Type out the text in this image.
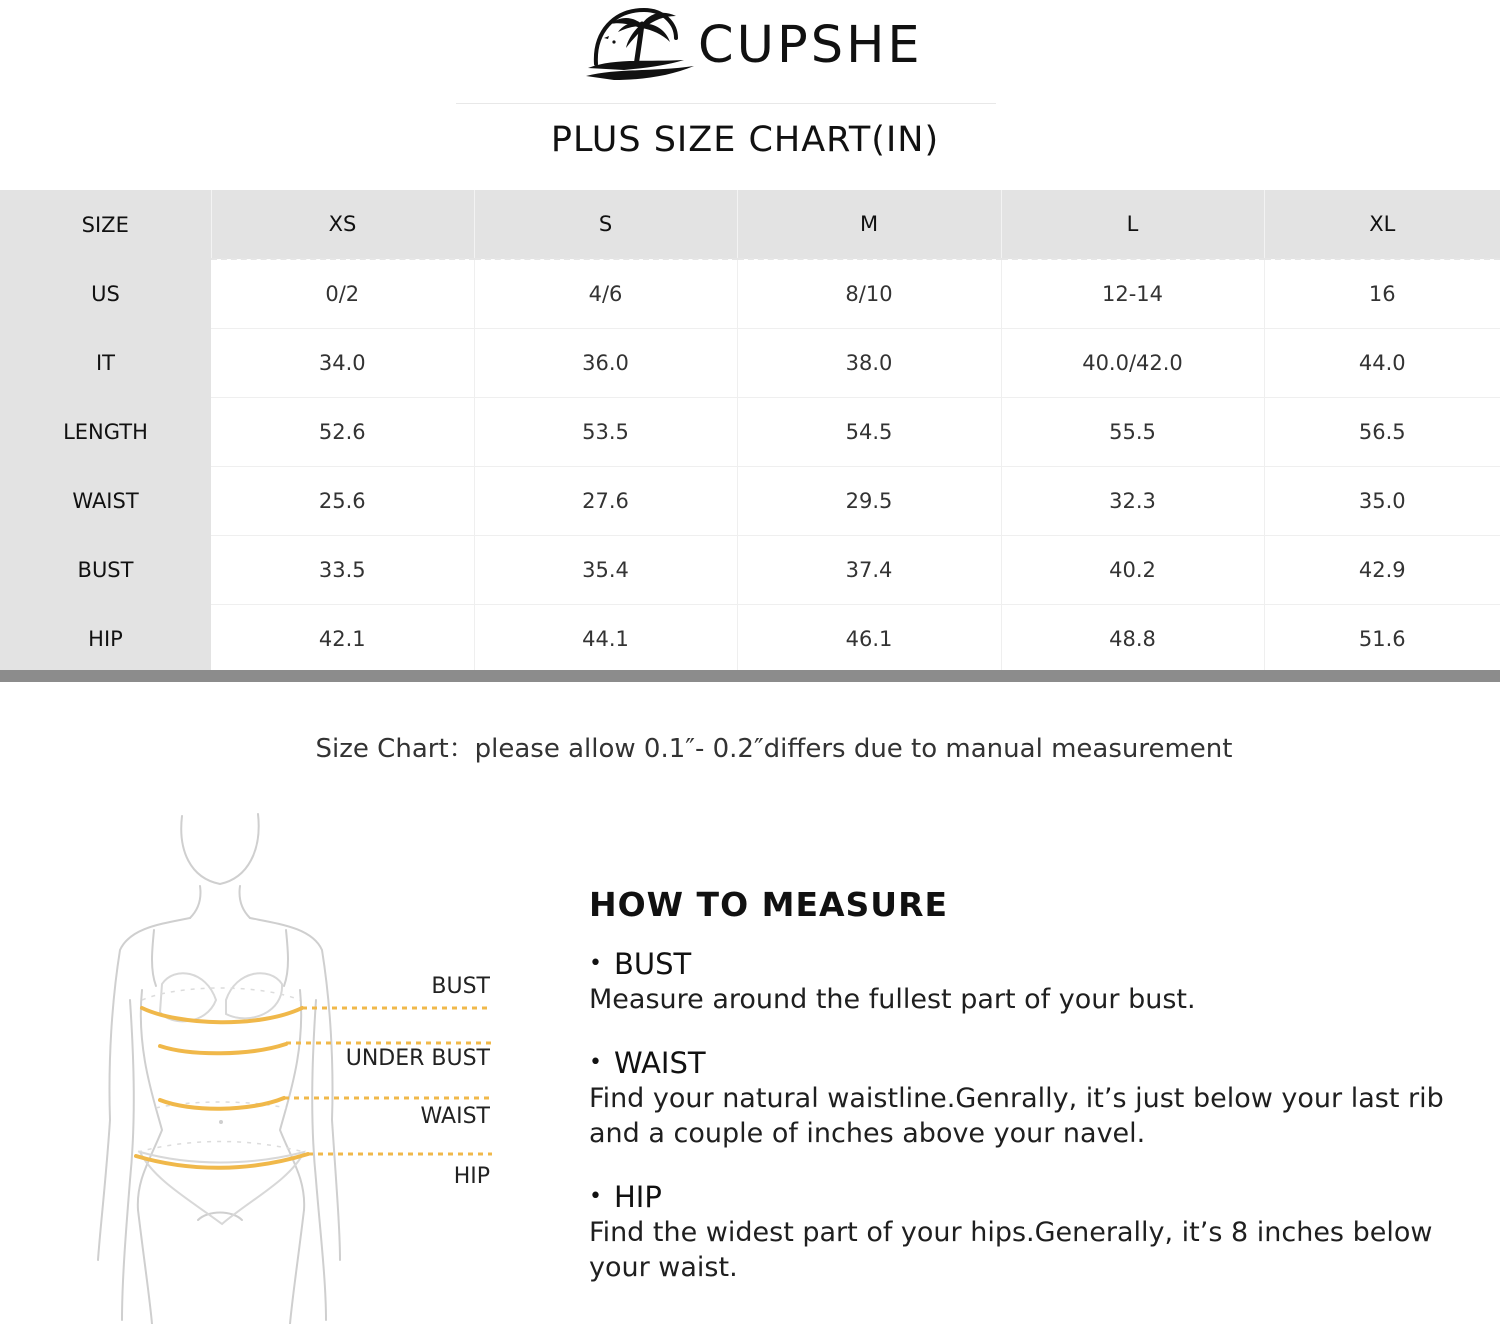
CUPSHE
PLUS SIZE CHART(IN)
SIZE	XS	S	M	L	XL
US	0/2	4/6	8/10	12-14	16
IT	34.0	36.0	38.0	40.0/42.0	44.0
LENGTH	52.6	53.5	54.5	55.5	56.5
WAIST	25.6	27.6	29.5	32.3	35.0
BUST	33.5	35.4	37.4	40.2	42.9
HIP	42.1	44.1	46.1	48.8	51.6
Size Chart：please allow 0.1″- 0.2″differs due to manual measurement
BUST
UNDER BUST
WAIST
HIP
HOW TO MEASURE
• BUST
Measure around the fullest part of your bust.
• WAIST
Find your natural waistline.Genrally, it’s just below your last rib and a couple of inches above your navel.
• HIP
Find the widest part of your hips.Generally, it’s 8 inches below your waist.
